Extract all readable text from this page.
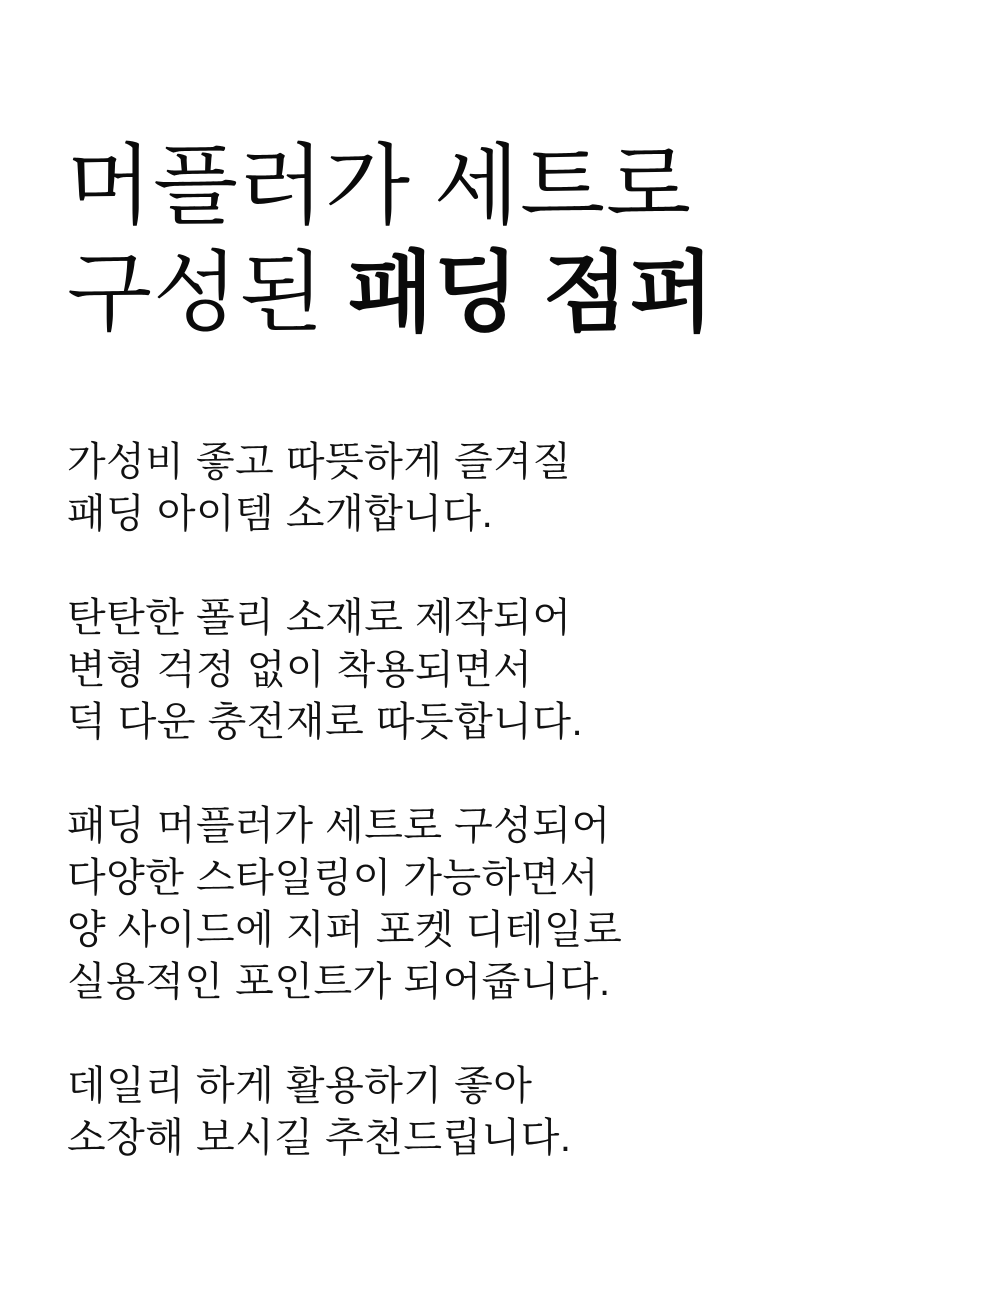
머플러가 세트로
구성된 패딩 점퍼

가성비 좋고 따뜻하게 즐겨질
패딩 아이템 소개합니다.

탄탄한 폴리 소재로 제작되어
변형 걱정 없이 착용되면서
덕 다운 충전재로 따듯합니다.

패딩 머플러가 세트로 구성되어
다양한 스타일링이 가능하면서
양 사이드에 지퍼 포켓 디테일로
실용적인 포인트가 되어줍니다.

데일리 하게 활용하기 좋아
소장해 보시길 추천드립니다.
